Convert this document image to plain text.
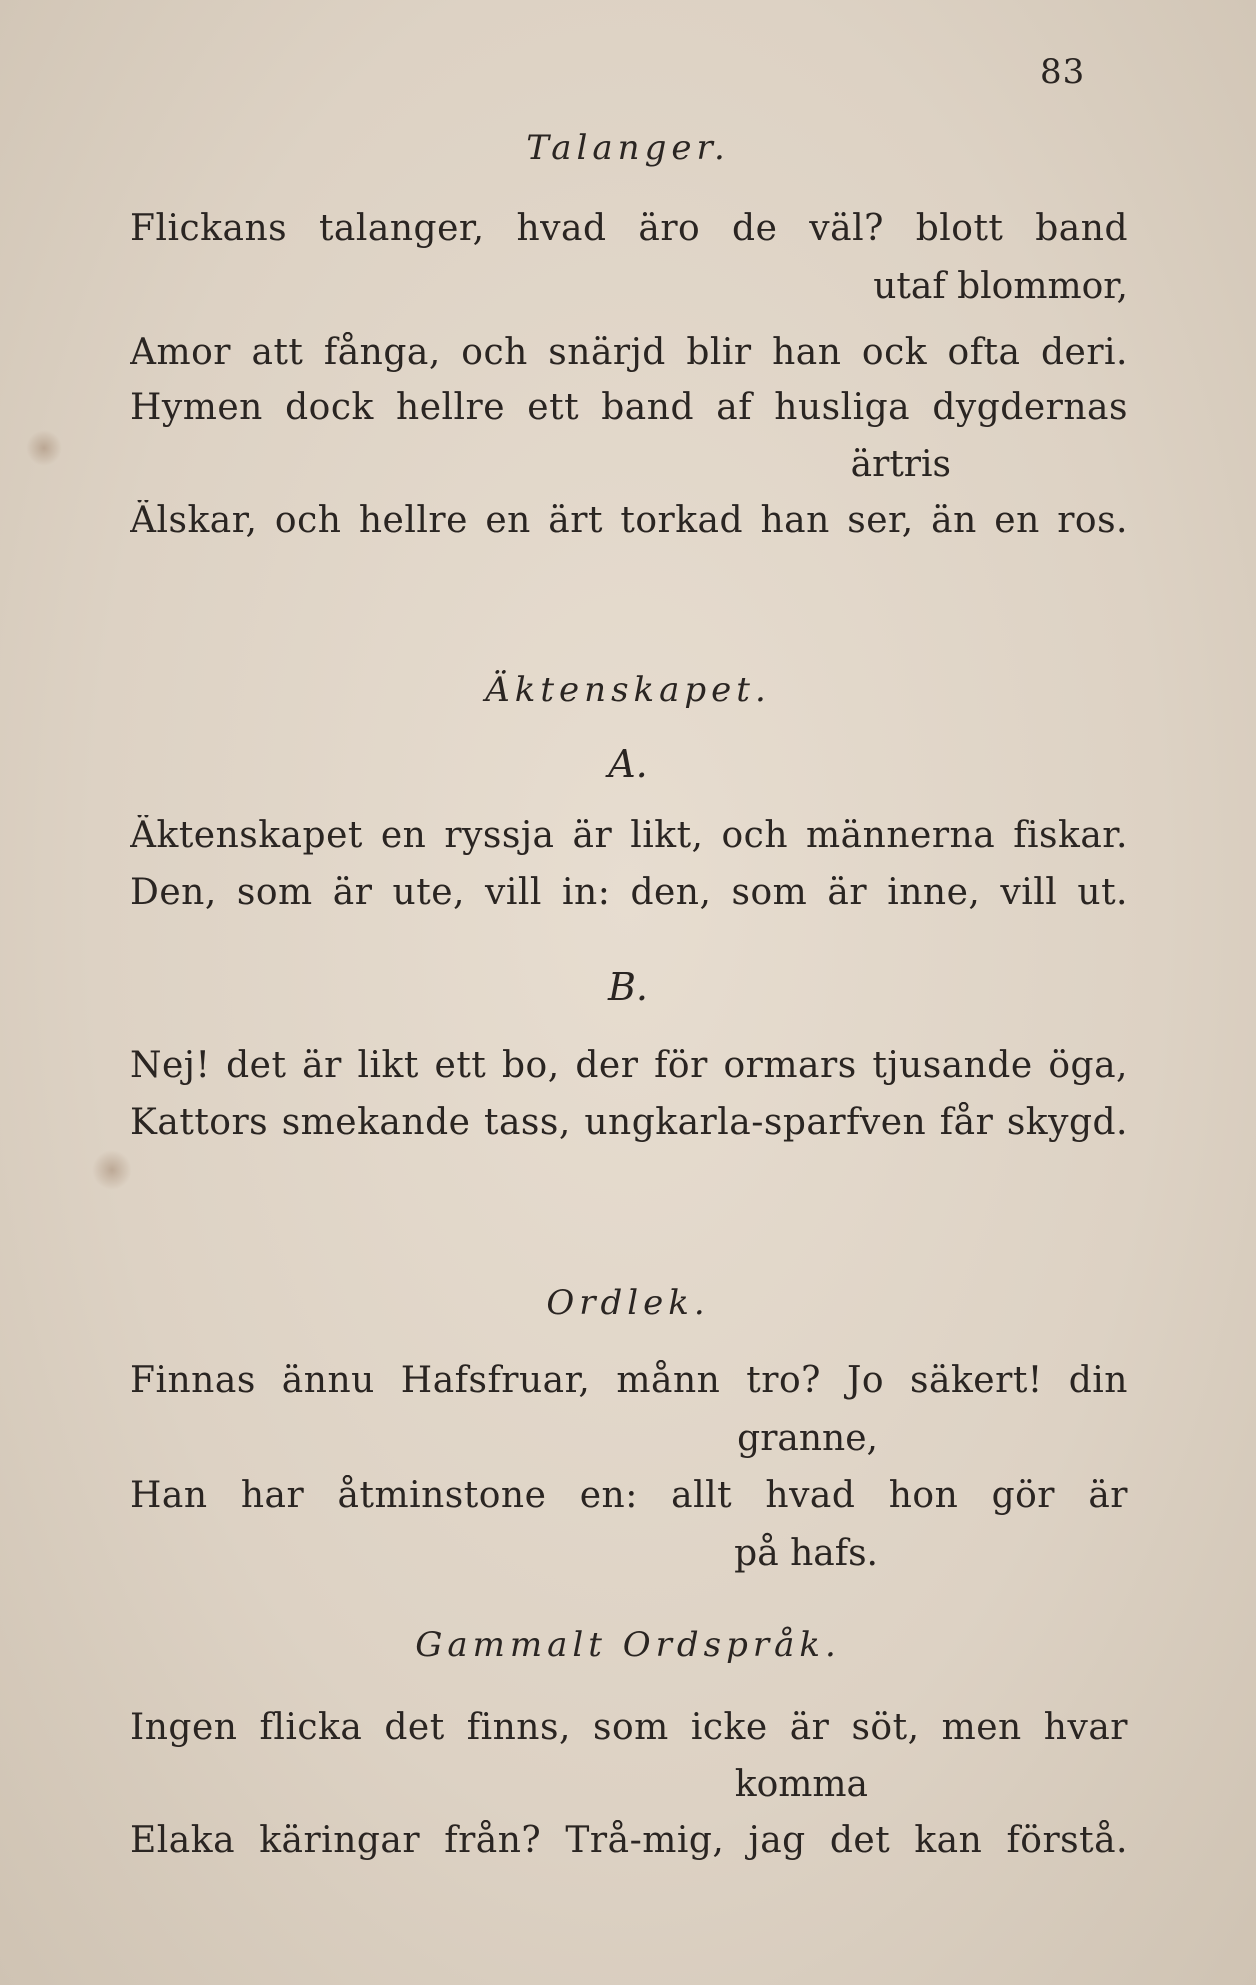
83
Talanger.
Flickans talanger, hvad äro de väl? blott band
utaf blommor,
Amor att fånga, och snärjd blir han ock ofta deri.
Hymen dock hellre ett band af husliga dygdernas
ärtris
Älskar, och hellre en ärt torkad han ser, än en ros.
Äktenskapet.
A.
Äktenskapet en ryssja är likt, och männerna fiskar.
Den, som är ute, vill in: den, som är inne, vill ut.
B.
Nej! det är likt ett bo, der för ormars tjusande öga,
Kattors smekande tass, ungkarla-sparfven får skygd.
Ordlek.
Finnas ännu Hafsfruar, månn tro? Jo säkert! din
granne,
Han har åtminstone en: allt hvad hon gör är
på hafs.
Gammalt Ordspråk.
Ingen flicka det finns, som icke är söt, men hvar
komma
Elaka käringar från? Trå-mig, jag det kan förstå.
